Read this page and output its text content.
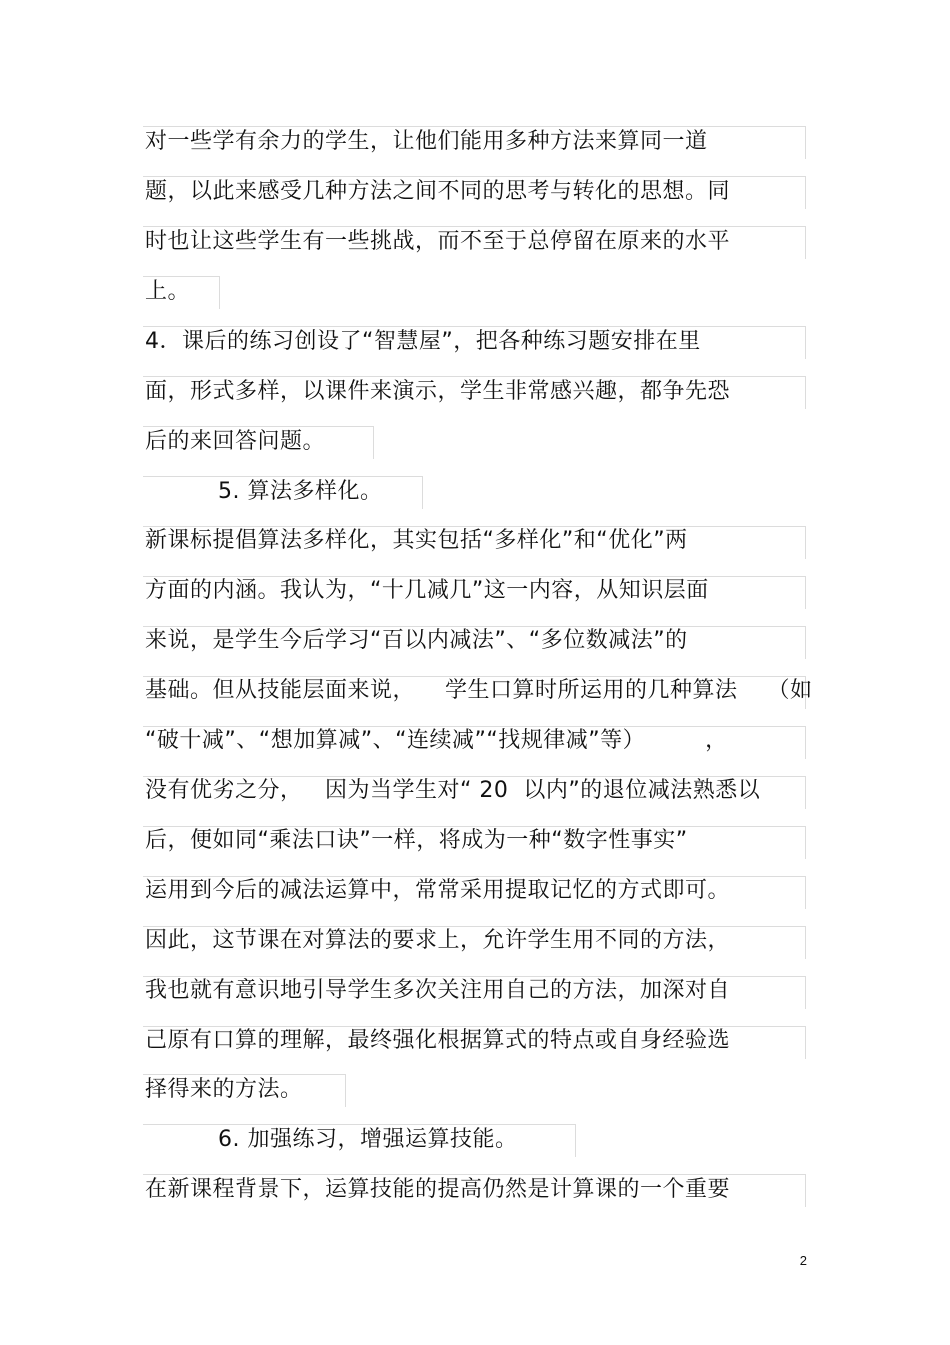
对一些学有余力的学生，让他们能用多种方法来算同一道
题，以此来感受几种方法之间不同的思考与转化的思想。同
时也让这些学生有一些挑战，而不至于总停留在原来的水平
上。
4．课后的练习创设了“智慧屋”，把各种练习题安排在里
面，形式多样，以课件来演示，学生非常感兴趣，都争先恐
后的来回答问题。
5. 算法多样化。
新课标提倡算法多样化，其实包括“多样化”和“优化”两
方面的内涵。我认为，“十几减几”这一内容，从知识层面
来说，是学生今后学习“百以内减法”、“多位数减法”的
基础。但从技能层面来说，    学生口算时所运用的几种算法    （如
“破十减”、“想加算减”、“连续减”“找规律减”等）        ，
没有优劣之分，   因为当学生对“ 20  以内”的退位减法熟悉以
后，便如同“乘法口诀”一样，将成为一种“数字性事实”
运用到今后的减法运算中，常常采用提取记忆的方式即可。
因此，这节课在对算法的要求上，允许学生用不同的方法，
我也就有意识地引导学生多次关注用自己的方法，加深对自
己原有口算的理解，最终强化根据算式的特点或自身经验选
择得来的方法。
6. 加强练习，增强运算技能。
在新课程背景下，运算技能的提高仍然是计算课的一个重要
2
